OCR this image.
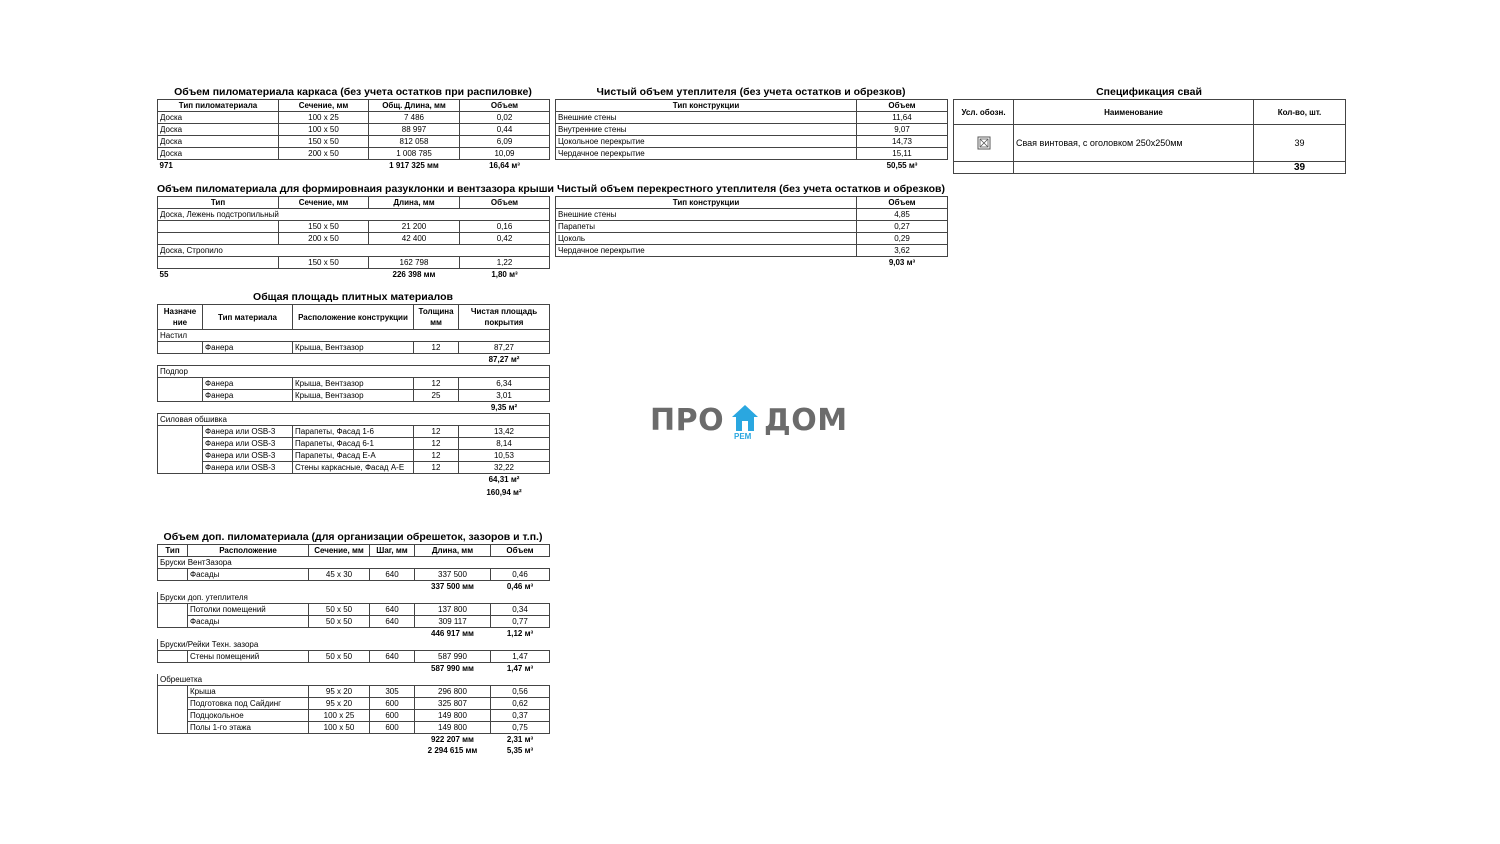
Объем пиломатериала каркаса (без учета остатков при распиловке)
Тип пиломатериала	Сечение, мм	Общ. Длина, мм	Объем
Доска	100 x 25	7 486	0,02
Доска	100 x 50	88 997	0,44
Доска	150 x 50	812 058	6,09
Доска	200 x 50	1 008 785	10,09
971		1 917 325 мм	16,64 м³
Объем пиломатериала для формировнаия разуклонки и вентзазора крыши
Тип	Сечение, мм	Длина, мм	Объем
Доска, Лежень подстропильный			
	150 x 50	21 200	0,16
	200 x 50	42 400	0,42
Доска, Стропило			
	150 x 50	162 798	1,22
55		226 398 мм	1,80 м³
Общая площадь плитных материалов
Назначе ние	Тип материала	Расположение конструкции	Толщина мм	Чистая площадь покрытия
Настил				
	Фанера	Крыша, Вентзазор	12	87,27
				87,27 м²
Подпор				
	Фанера	Крыша, Вентзазор	12	6,34
	Фанера	Крыша, Вентзазор	25	3,01
				9,35 м²
Силовая обшивка				
	Фанера или OSB-3	Парапеты, Фасад 1-6	12	13,42
	Фанера или OSB-3	Парапеты, Фасад 6-1	12	8,14
	Фанера или OSB-3	Парапеты, Фасад Е-А	12	10,53
	Фанера или OSB-3	Стены каркасные, Фасад А-Е	12	32,22
				64,31 м²
				160,94 м²
Объем доп. пиломатериала (для организации обрешеток, зазоров и т.п.)
Тип	Расположение	Сечение, мм	Шаг, мм	Длина, мм	Объем
Бруски ВентЗазора					
	Фасады	45 x 30	640	337 500	0,46
				337 500 мм	0,46 м³
Бруски доп. утеплителя					
	Потолки помещений	50 x 50	640	137 800	0,34
	Фасады	50 x 50	640	309 117	0,77
				446 917 мм	1,12 м³
Бруски/Рейки Техн. зазора					
	Стены помещений	50 x 50	640	587 990	1,47
				587 990 мм	1,47 м³
Обрешетка					
	Крыша	95 x 20	305	296 800	0,56
	Подготовка под Сайдинг	95 x 20	600	325 807	0,62
	Подцокольное	100 x 25	600	149 800	0,37
	Полы 1-го этажа	100 x 50	600	149 800	0,75
				922 207 мм	2,31 м³
				2 294 615 мм	5,35 м³
Чистый объем утеплителя (без учета остатков и обрезков)
Тип конструкции	Объем
Внешние стены	11,64
Внутренние стены	9,07
Цокольное перекрытие	14,73
Чердачное перекрытие	15,11
	50,55 м³
Чистый объем перекрестного утеплителя (без учета остатков и обрезков)
Тип конструкции	Объем
Внешние стены	4,85
Парапеты	0,27
Цоколь	0,29
Чердачное перекрытие	3,62
	9,03 м³
Спецификация свай
Усл. обозн.	Наименование	Кол-во, шт.
	Свая винтовая, с оголовком 250x250мм	39
		39
ПРО РЕМ ДОМ
